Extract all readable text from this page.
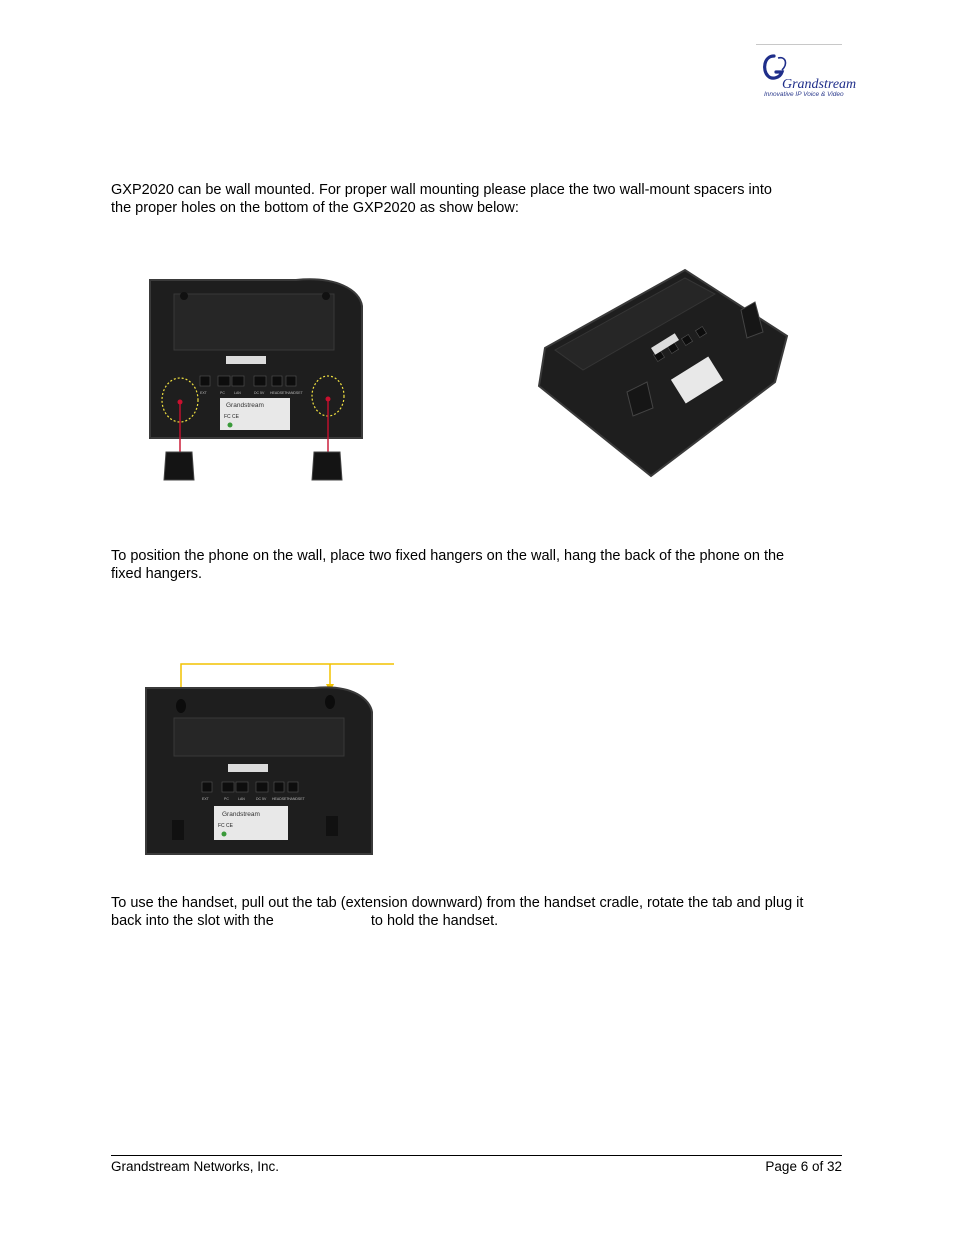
Grandstream
Innovative IP Voice & Video
GXP2020 can be wall mounted. For proper wall mounting please place the two wall-mount spacers into
the proper holes on the bottom of the GXP2020 as show below:
EXT	PC	LAN	DC 5V HEADSET HANDSET
Grandstream
FC CE
To position the phone on the wall, place two fixed hangers on the wall, hang the back of the phone on the
fixed hangers.
EXT	PC	LAN	DC 5V HEADSET HANDSET
Grandstream
FC CE
To use the handset, pull out the tab (extension downward) from the handset cradle, rotate the tab and plug it
back into the slot with the	to hold the handset.
Grandstream Networks, Inc.	Page 6 of 32
